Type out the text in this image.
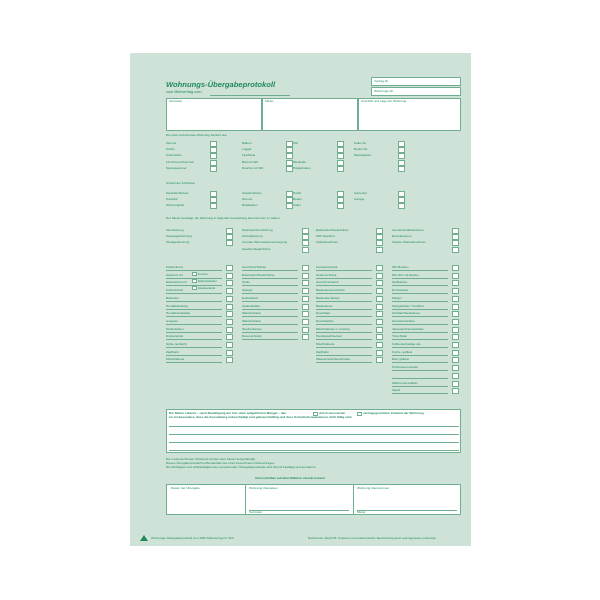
Wohnungs-Übergabeprotokoll
zum Mietvertrag vom:
Vertrag-Nr.
Wohnungs-Nr.
Vermieter	Mieter	Anschrift und Lage der Wohnung
Die oben bezeichnete Wohnung besteht aus
Zimmer
Küche
Kochnische
1/2 Zimmer/Kammer
Speisekammer
Balkon
Loggia
Flur/Diele
Bad mit WC
Dusche mit WC
WC
Mietkeller
Hängeboden
Keller-Nr.
Boden-Nr.
Mietergarten
Anzahl der Schlüssel
Zentralschlüssel
Hausdür
Wohnungstür
Zusatzschloss
Zimmer
Briefkasten
Hoftür
Boden
Keller
Gartentor
Garage
Der Mieter bestätigt, die Wohnung in folgender Ausstattung übernommen zu haben:
Ofenheizung
Gasetagenheizung
Öletagenheizung
Nachtspeicherheizung
Zentralheizung
zentrale Warmwasserversorgung
Gasdurchlauferhitzer
Elektrodurchlauferhitzer
WW-Speicher
Kabelanschluss
Gemeinschaftsantenne
Einzelantenne
Telefon-/Kabelanschluss
Küchenherd
Gasherd mit
Elektroherd mit
Kühlschrank
Backofen
Herdabdeckung
Herdabdeckplatte
Ausguss
Stufenboden
Doppelspüle
Spüle (einfach)
Zapfhahn
Mischbatterie
Geschirrschränke
Elektrodurchlauferhitzer
Spüle
Spiegel
Einbauherd
Abdeckplatte
Wandschrank
Wandschrank
Taschenlampe
Besenschrank
Fensterschrank
Spülenschrank
Geschirrschrank
Badewannenschürze
Badezelle (Ecke)
Badewanne
Duschbad
Duschkabine
Mischbatterie m. Dusche
Handwaschbecken
Mischbatterie
Zapfhahn
Wasserzwischenschrank
WC-Becken
WC-Sitz mit Deckel
Spülkasten
Druckspüler
Fänger
Spiegelhalter, Türöffner
Schalter/Steckdosen
Fensterscheiben
Jalousien/Fensterläden
Türschilder
Fußbodenbeläge wie
Küche, gefliest
Bad, gefliest
Heizkostenverteiler
Wärmemesszähler
Stand
Kerzen
Elektroplatten
Glaskeramik
Der Mieter erkennt – nach Bestätigung der hier oben aufgeführten Mängel – den	durch renovierten	vertragsgerechten Zustand der Wohnung
an. Insbesondere, dass die Ausstattung unbeschädigt und gebrauchsfähig und dass Schönheitsreparaturen nicht fällig sind.
Die vorbezeichneten Schlüssel wurden dem Mieter ausgehändigt.
Dieses Übergabeprotokoll ist Bestandteil des oben bezeichneten Mietvertrages.
Die Richtigkeit und Vollständigkeit des vorstehenden Übergabeprotokolls wird hiermit bestätigt und anerkannt.
Unterschriften auf allen Blättern einzeln leisten!
Datum der Übergabe	Wohnung übergeben	Wohnung übernommen
Vermieter	Mieter
Wohnungs-Übergabeprotokoll zum RNK-Mietvertrag Nr. 523	Nachdruck, Abschrift, Kopieren und elektronische Speicherung auch auszugsweise untersagt.
